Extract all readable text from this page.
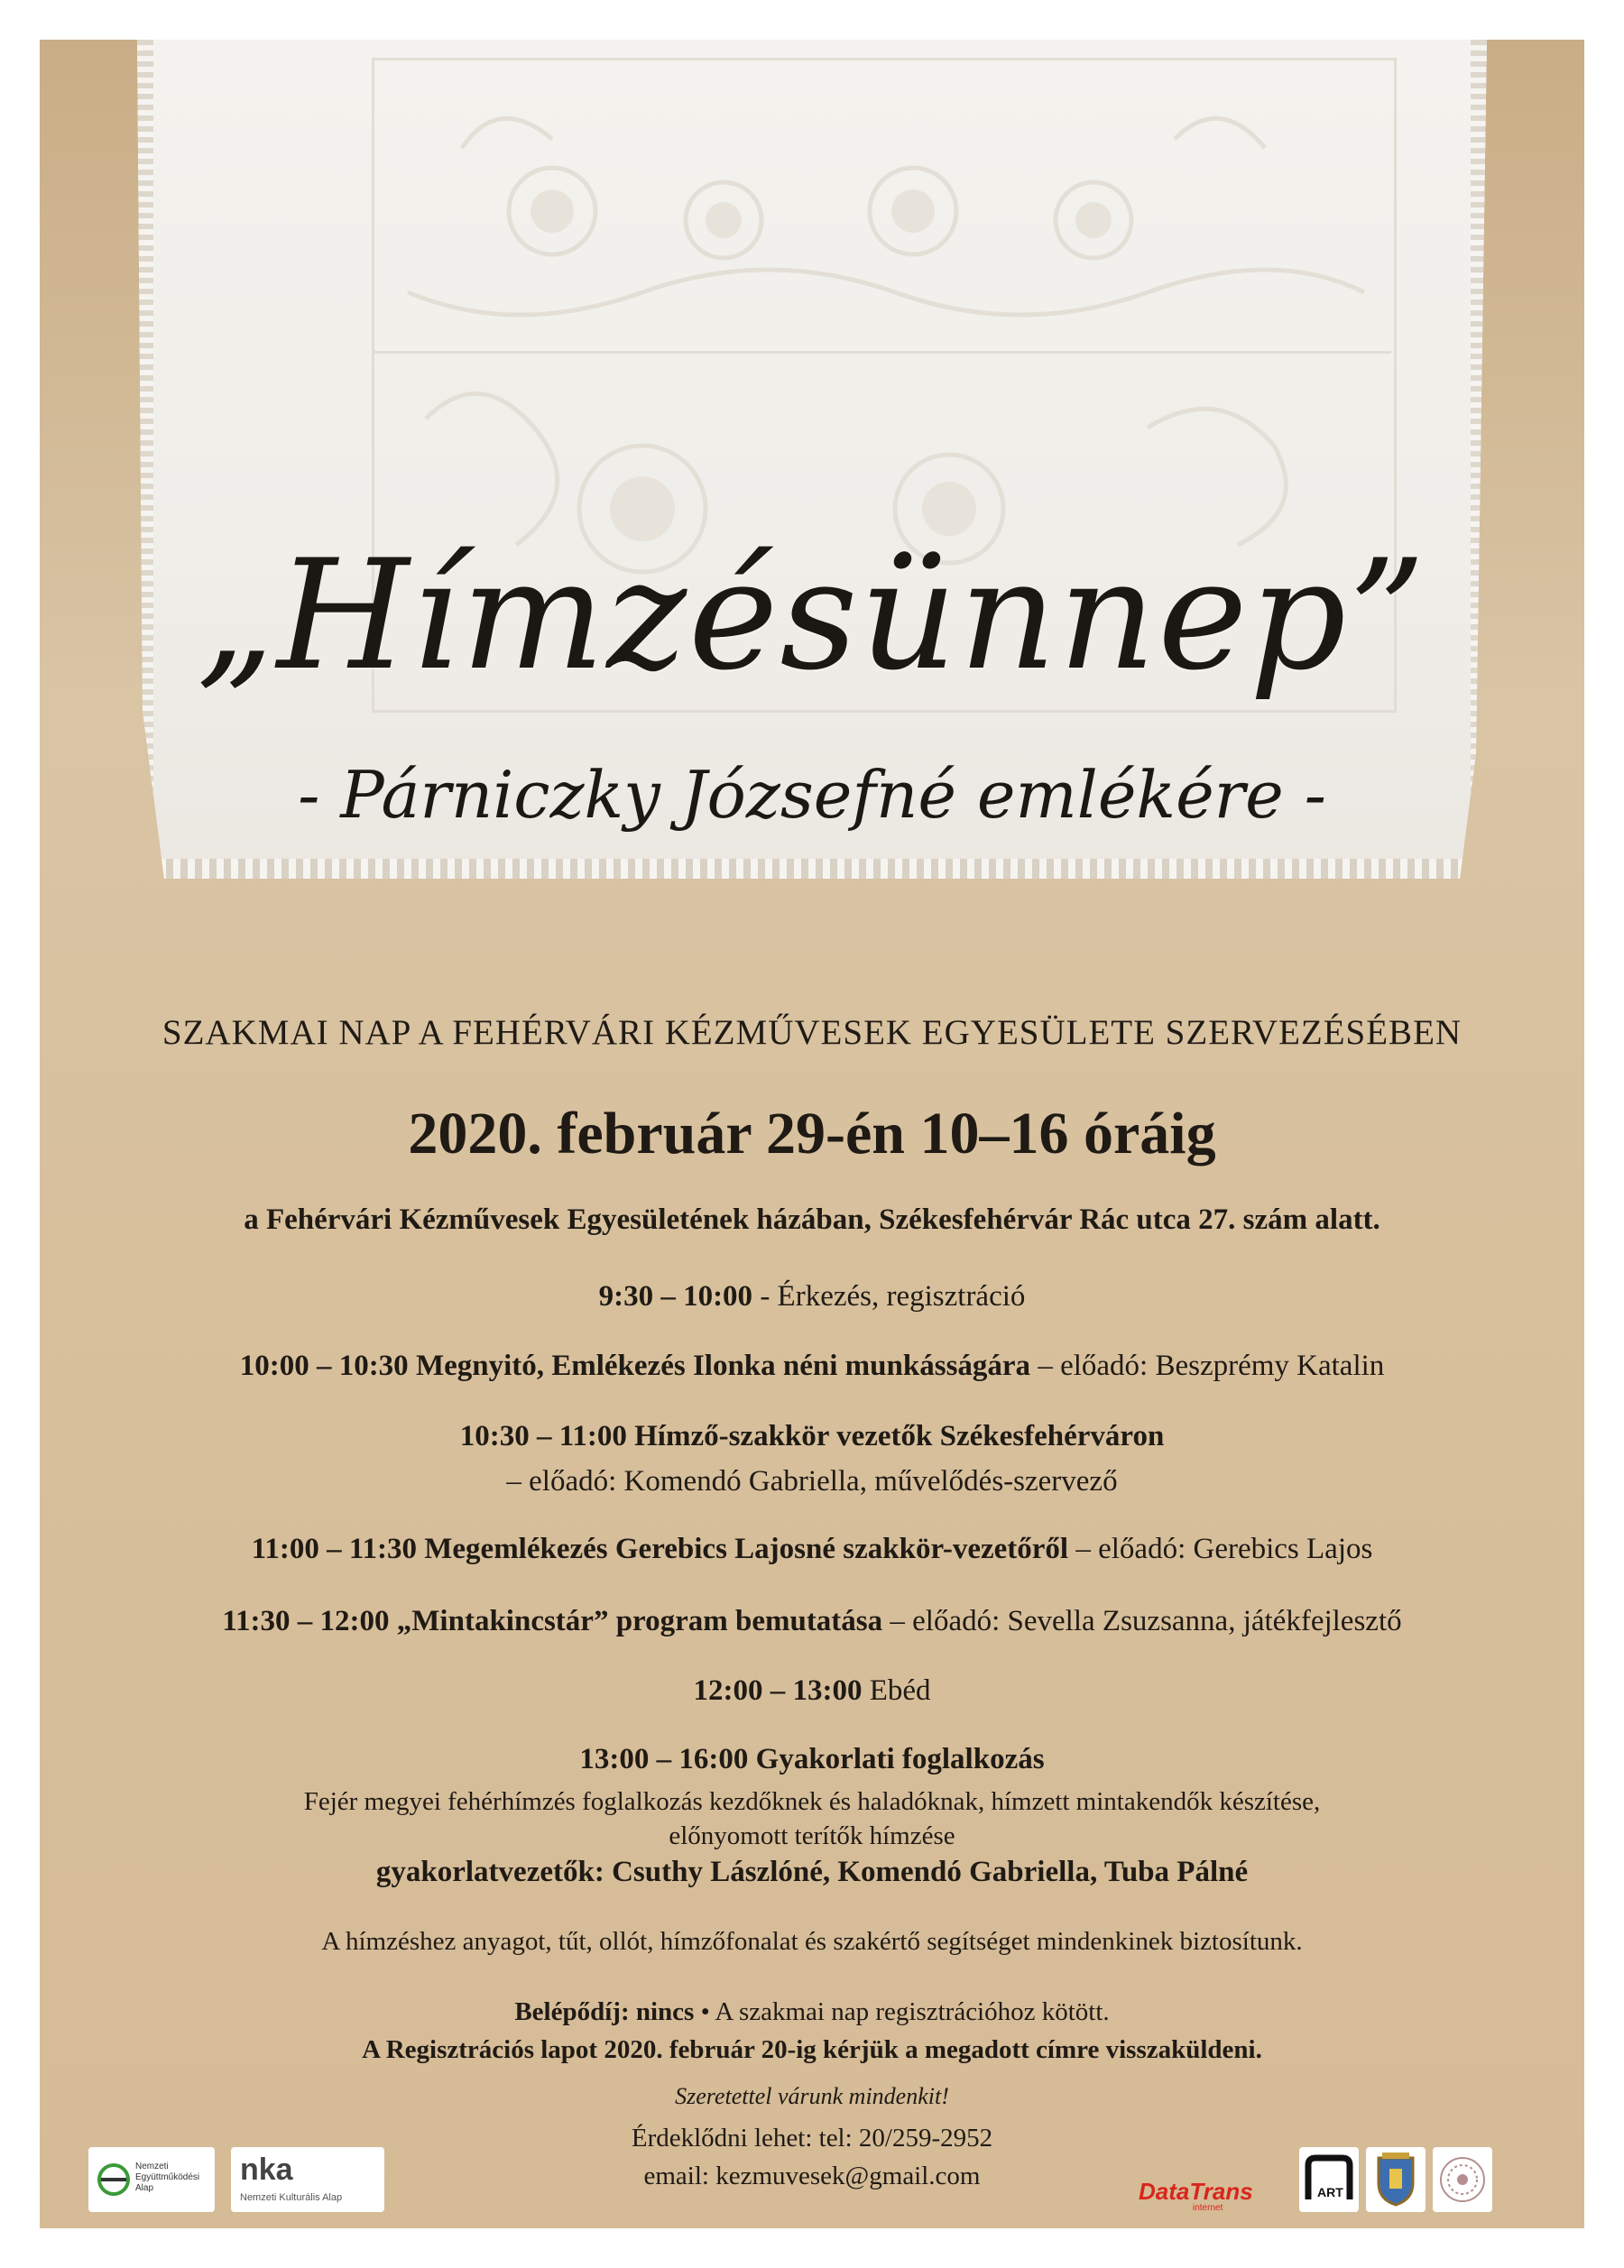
„Hímzésünnep”
- Párniczky Józsefné emlékére -
SZAKMAI NAP A FEHÉRVÁRI KÉZMŰVESEK EGYESÜLETE SZERVEZÉSÉBEN
2020. február 29-én 10–16 óráig
a Fehérvári Kézművesek Egyesületének házában, Székesfehérvár Rác utca 27. szám alatt.
9:30 – 10:00 - Érkezés, regisztráció
10:00 – 10:30 Megnyitó, Emlékezés Ilonka néni munkásságára – előadó: Beszprémy Katalin
10:30 – 11:00 Hímző-szakkör vezetők Székesfehérváron
– előadó: Komendó Gabriella, művelődés-szervező
11:00 – 11:30 Megemlékezés Gerebics Lajosné szakkör-vezetőről – előadó: Gerebics Lajos
11:30 – 12:00 „Mintakincstár” program bemutatása – előadó: Sevella Zsuzsanna, játékfejlesztő
12:00 – 13:00 Ebéd
13:00 – 16:00 Gyakorlati foglalkozás
Fejér megyei fehérhímzés foglalkozás kezdőknek és haladóknak, hímzett mintakendők készítése,
előnyomott terítők hímzése
gyakorlatvezetők: Csuthy Lászlóné, Komendó Gabriella, Tuba Pálné
A hímzéshez anyagot, tűt, ollót, hímzőfonalat és szakértő segítséget mindenkinek biztosítunk.
Belépődíj: nincs • A szakmai nap regisztrációhoz kötött.
A Regisztrációs lapot 2020. február 20-ig kérjük a megadott címre visszaküldeni.
Szeretettel várunk mindenkit!
Érdeklődni lehet: tel: 20/259-2952
email: kezmuvesek@gmail.com
Nemzeti Együttműködési Alap
nka
Nemzeti Kulturális Alap	DataTrans
internet
ART
